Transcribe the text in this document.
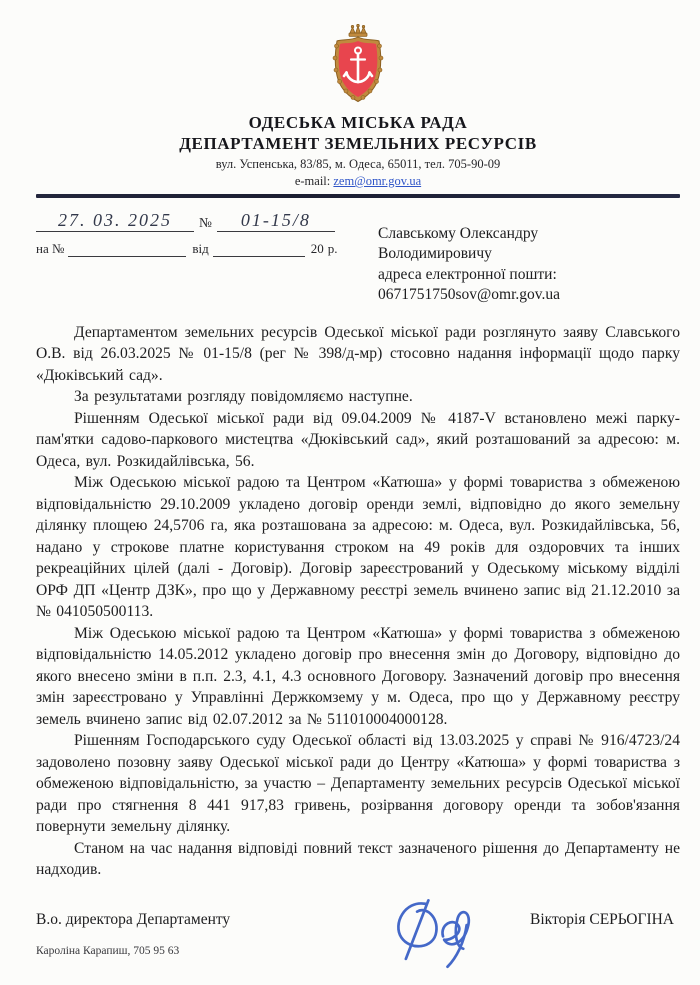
ОДЕСЬКА МІСЬКА РАДА
ДЕПАРТАМЕНТ ЗЕМЕЛЬНИХ РЕСУРСІВ
вул. Успенська, 83/85, м. Одеса, 65011, тел. 705-90-09
e-mail: zem@omr.gov.ua
27. 03. 2025	№	01-15/8
на №	від	20 р.
Славському Олександру
Володимировичу
адреса електронної пошти:
0671751750sov@omr.gov.ua

Департаментом земельних ресурсів Одеської міської ради розглянуто заяву Славського О.В. від 26.03.2025 № 01-15/8 (рег № 398/д-мр) стосовно надання інформації щодо парку «Дюківський сад».

За результатами розгляду повідомляємо наступне.

Рішенням Одеської міської ради від 09.04.2009 № 4187-V встановлено межі парку-пам'ятки садово-паркового мистецтва «Дюківський сад», який розташований за адресою: м. Одеса, вул. Розкидайлівська, 56.

Між Одеською міської радою та Центром «Катюша» у формі товариства з обмеженою відповідальністю 29.10.2009 укладено договір оренди землі, відповідно до якого земельну ділянку площею 24,5706 га, яка розташована за адресою: м. Одеса, вул. Розкидайлівська, 56, надано у строкове платне користування строком на 49 років для оздоровчих та інших рекреаційних цілей (далі - Договір). Договір зареєстрований у Одеському міському відділі ОРФ ДП «Центр ДЗК», про що у Державному реєстрі земель вчинено запис від 21.12.2010 за № 041050500113.

Між Одеською міської радою та Центром «Катюша» у формі товариства з обмеженою відповідальністю 14.05.2012 укладено договір про внесення змін до Договору, відповідно до якого внесено зміни в п.п. 2.3, 4.1, 4.3 основного Договору. Зазначений договір про внесення змін зареєстровано у Управлінні Держкомзему у м. Одеса, про що у Державному реєстру земель вчинено запис від 02.07.2012 за № 511010004000128.

Рішенням Господарського суду Одеської області від 13.03.2025 у справі № 916/4723/24 задоволено позовну заяву Одеської міської ради до Центру «Катюша» у формі товариства з обмеженою відповідальністю, за участю – Департаменту земельних ресурсів Одеської міської ради про стягнення 8 441 917,83 гривень, розірвання договору оренди та зобов'язання повернути земельну ділянку.

Станом на час надання відповіді повний текст зазначеного рішення до Департаменту не надходив.

В.о. директора Департаменту	Вікторія СЕРЬОГІНА
Кароліна Карапиш, 705 95 63
